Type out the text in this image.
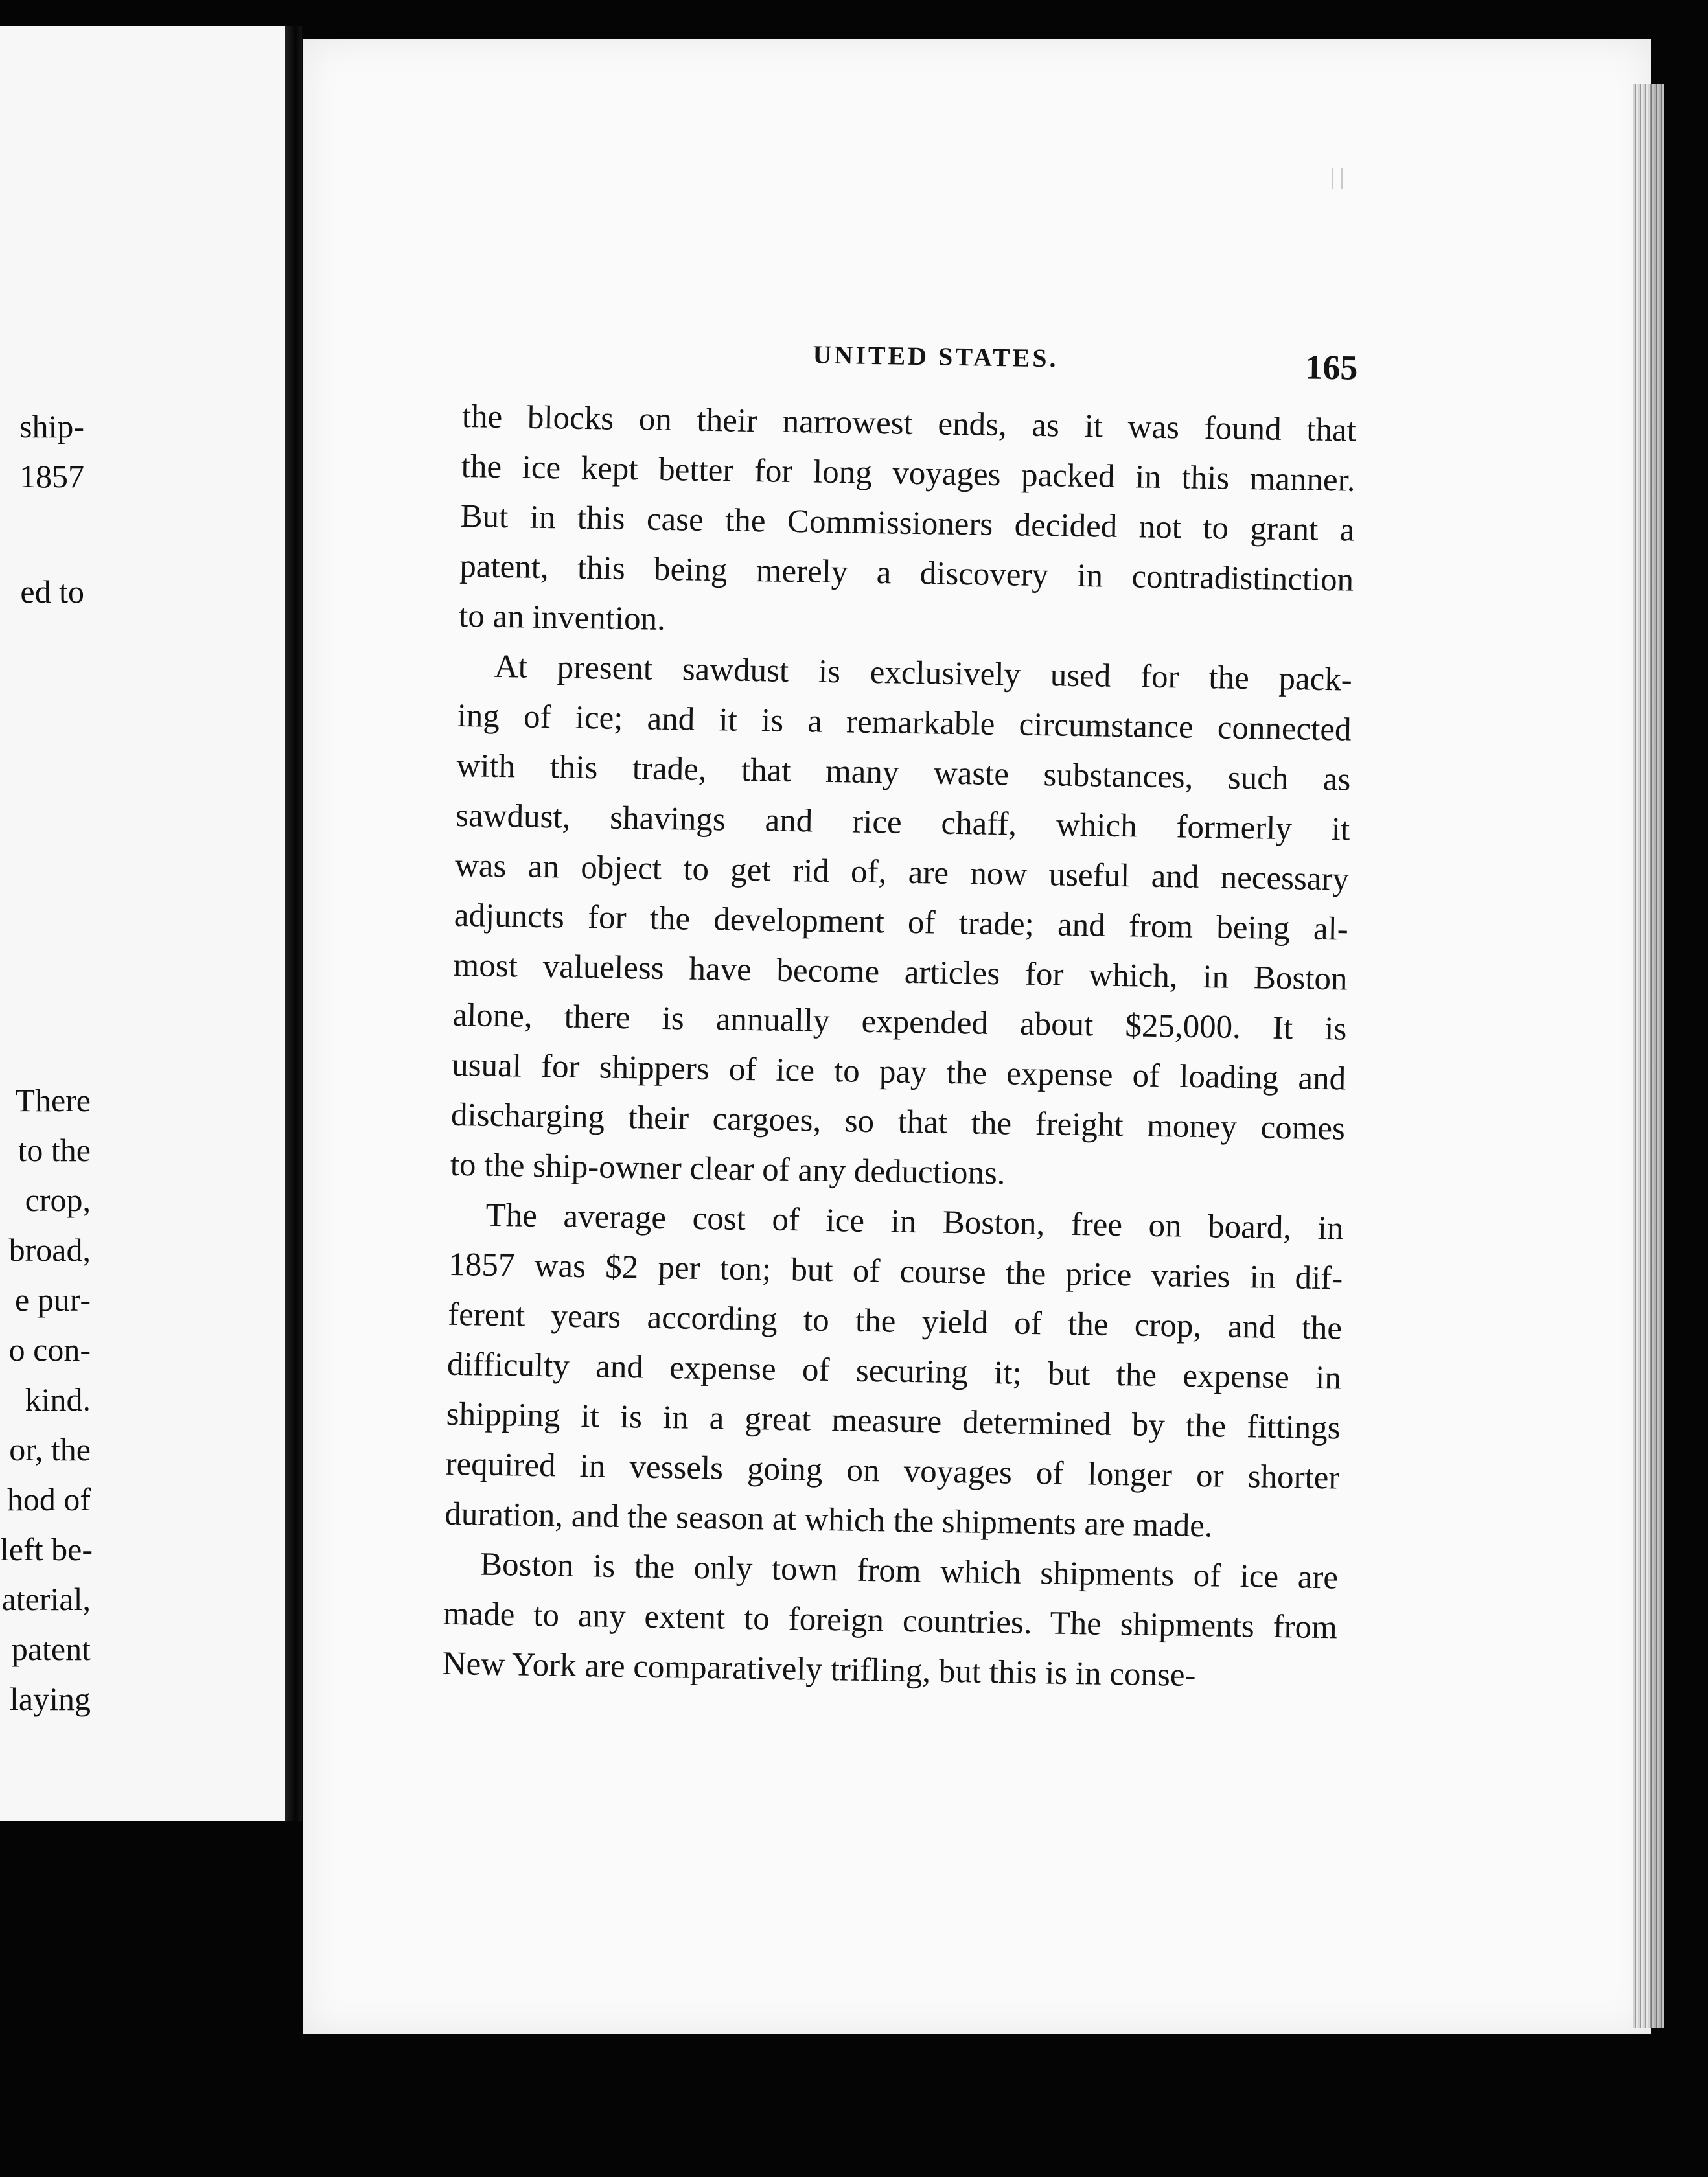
ship-
1857
ed to
There
to the
crop,
broad,
e pur-
o con-
kind.
or, the
hod of
left be-
aterial,
patent
laying
UNITED STATES.	165
the blocks on their narrowest ends, as it was found that
the ice kept better for long voyages packed in this manner.
But in this case the Commissioners decided not to grant a
patent, this being merely a discovery in contradistinction
to an invention.
At present sawdust is exclusively used for the pack-
ing of ice; and it is a remarkable circumstance connected
with this trade, that many waste substances, such as
sawdust, shavings and rice chaff, which formerly it
was an object to get rid of, are now useful and necessary
adjuncts for the development of trade; and from being al-
most valueless have become articles for which, in Boston
alone, there is annually expended about $25,000. It is
usual for shippers of ice to pay the expense of loading and
discharging their cargoes, so that the freight money comes
to the ship-owner clear of any deductions.
The average cost of ice in Boston, free on board, in
1857 was $2 per ton; but of course the price varies in dif-
ferent years according to the yield of the crop, and the
difficulty and expense of securing it; but the expense in
shipping it is in a great measure determined by the fittings
required in vessels going on voyages of longer or shorter
duration, and the season at which the shipments are made.
Boston is the only town from which shipments of ice are
made to any extent to foreign countries. The shipments from
New York are comparatively trifling, but this is in conse-
